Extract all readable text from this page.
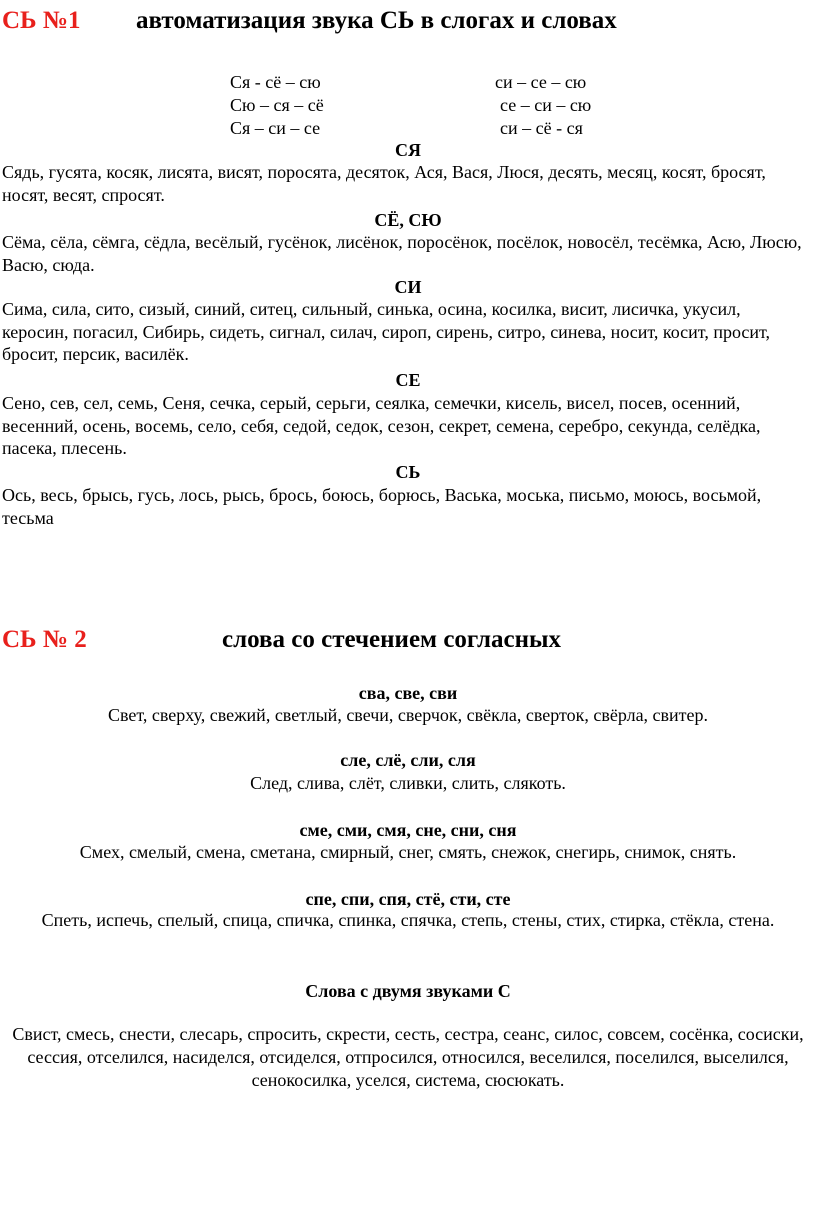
СЬ №1 автоматизация звука СЬ в слогах и словах
Ся - сё – сю
Сю – ся – сё
Ся – си – се
си – се – сю
се – си – сю
си – сё - ся
СЯ
Сядь, гусята, косяк, лисята, висят, поросята, десяток, Ася, Вася, Люся, десять, месяц, косят, бросят, носят, весят, спросят.
СЁ, СЮ
Сёма, сёла, сёмга, сёдла, весёлый, гусёнок, лисёнок, поросёнок, посёлок, новосёл, тесёмка, Асю, Люсю, Васю, сюда.
СИ
Сима, сила, сито, сизый, синий, ситец, сильный, синька, осина, косилка, висит, лисичка, укусил, керосин, погасил, Сибирь, сидеть, сигнал, силач, сироп, сирень, ситро, синева, носит, косит, просит, бросит, персик, василёк.
СЕ
Сено, сев, сел, семь, Сеня, сечка, серый, серьги, сеялка, семечки, кисель, висел, посев, осенний, весенний, осень, восемь, село, себя, седой, седок, сезон, секрет, семена, серебро, секунда, селёдка, пасека, плесень.
СЬ
Ось, весь, брысь, гусь, лось, рысь, брось, боюсь, борюсь, Васька, моська, письмо, моюсь, восьмой, тесьма
СЬ № 2	слова со стечением согласных
сва, све, сви
Свет, сверху, свежий, светлый, свечи, сверчок, свёкла, сверток, свёрла, свитер.
сле, слё, сли, сля
След, слива, слёт, сливки, слить, слякоть.
сме, сми, смя, сне, сни, сня
Смех, смелый, смена, сметана, смирный, снег, смять, снежок, снегирь, снимок, снять.
спе, спи, спя, стё, сти, сте
Спеть, испечь, спелый, спица, спичка, спинка, спячка, степь, стены, стих, стирка, стёкла, стена.
Слова с двумя звуками С
Свист, смесь, снести, слесарь, спросить, скрести, сесть, сестра, сеанс, силос, совсем, сосёнка, сосиски, сессия, отселился, насиделся, отсиделся, отпросился, относился, веселился, поселился, выселился, сенокосилка, уселся, система, сюсюкать.
